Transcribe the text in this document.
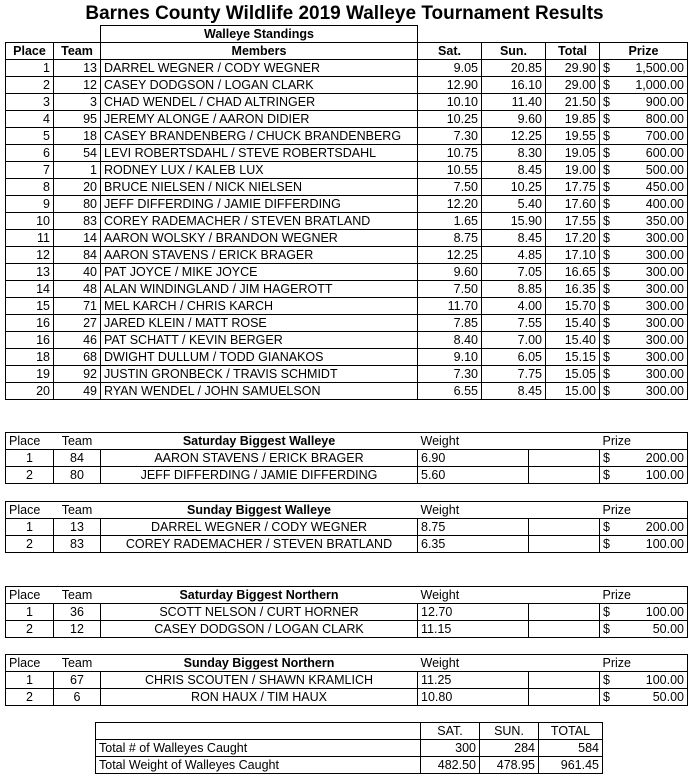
Barnes County Wildlife 2019 Walleye Tournament Results
		Walleye Standings				
Place	Team	Members	Sat.	Sun.	Total	Prize
1	13	DARREL WEGNER / CODY WEGNER	9.05	20.85	29.90	$ 1,500.00

2	12	CASEY DODGSON / LOGAN CLARK	12.90	16.10	29.00	$ 1,000.00

3	3	CHAD WENDEL / CHAD ALTRINGER	10.10	11.40	21.50	$ 900.00

4	95	JEREMY ALONGE / AARON DIDIER	10.25	9.60	19.85	$ 800.00

5	18	CASEY BRANDENBERG / CHUCK BRANDENBERG	7.30	12.25	19.55	$ 700.00

6	54	LEVI ROBERTSDAHL / STEVE ROBERTSDAHL	10.75	8.30	19.05	$ 600.00

7	1	RODNEY LUX / KALEB LUX	10.55	8.45	19.00	$ 500.00

8	20	BRUCE NIELSEN / NICK NIELSEN	7.50	10.25	17.75	$ 450.00

9	80	JEFF DIFFERDING / JAMIE DIFFERDING	12.20	5.40	17.60	$ 400.00

10	83	COREY RADEMACHER / STEVEN BRATLAND	1.65	15.90	17.55	$ 350.00

11	14	AARON WOLSKY / BRANDON WEGNER	8.75	8.45	17.20	$ 300.00

12	84	AARON STAVENS / ERICK BRAGER	12.25	4.85	17.10	$ 300.00

13	40	PAT JOYCE / MIKE JOYCE	9.60	7.05	16.65	$ 300.00

14	48	ALAN WINDINGLAND / JIM HAGEROTT	7.50	8.85	16.35	$ 300.00

15	71	MEL KARCH / CHRIS KARCH	11.70	4.00	15.70	$ 300.00

16	27	JARED KLEIN / MATT ROSE	7.85	7.55	15.40	$ 300.00

16	46	PAT SCHATT / KEVIN BERGER	8.40	7.00	15.40	$ 300.00

18	68	DWIGHT DULLUM / TODD GIANAKOS	9.10	6.05	15.15	$ 300.00

19	92	JUSTIN GRONBECK / TRAVIS SCHMIDT	7.30	7.75	15.05	$ 300.00

20	49	RYAN WENDEL / JOHN SAMUELSON	6.55	8.45	15.00	$ 300.00
Place	Team	Saturday Biggest Walleye	Weight		Prize
1	84	AARON STAVENS / ERICK BRAGER	6.90		$ 200.00

2	80	JEFF DIFFERDING / JAMIE DIFFERDING	5.60		$ 100.00
Place	Team	Sunday Biggest Walleye	Weight		Prize
1	13	DARREL WEGNER / CODY WEGNER	8.75		$ 200.00

2	83	COREY RADEMACHER / STEVEN BRATLAND	6.35		$ 100.00
Place	Team	Saturday Biggest Northern	Weight		Prize
1	36	SCOTT NELSON / CURT HORNER	12.70		$ 100.00

2	12	CASEY DODGSON / LOGAN CLARK	11.15		$ 50.00
Place	Team	Sunday Biggest Northern	Weight		Prize
1	67	CHRIS SCOUTEN / SHAWN KRAMLICH	11.25		$ 100.00

2	6	RON HAUX / TIM HAUX	10.80		$ 50.00
	SAT.	SUN.	TOTAL
Total # of Walleyes Caught	300	284	584
Total Weight of Walleyes Caught	482.50	478.95	961.45
